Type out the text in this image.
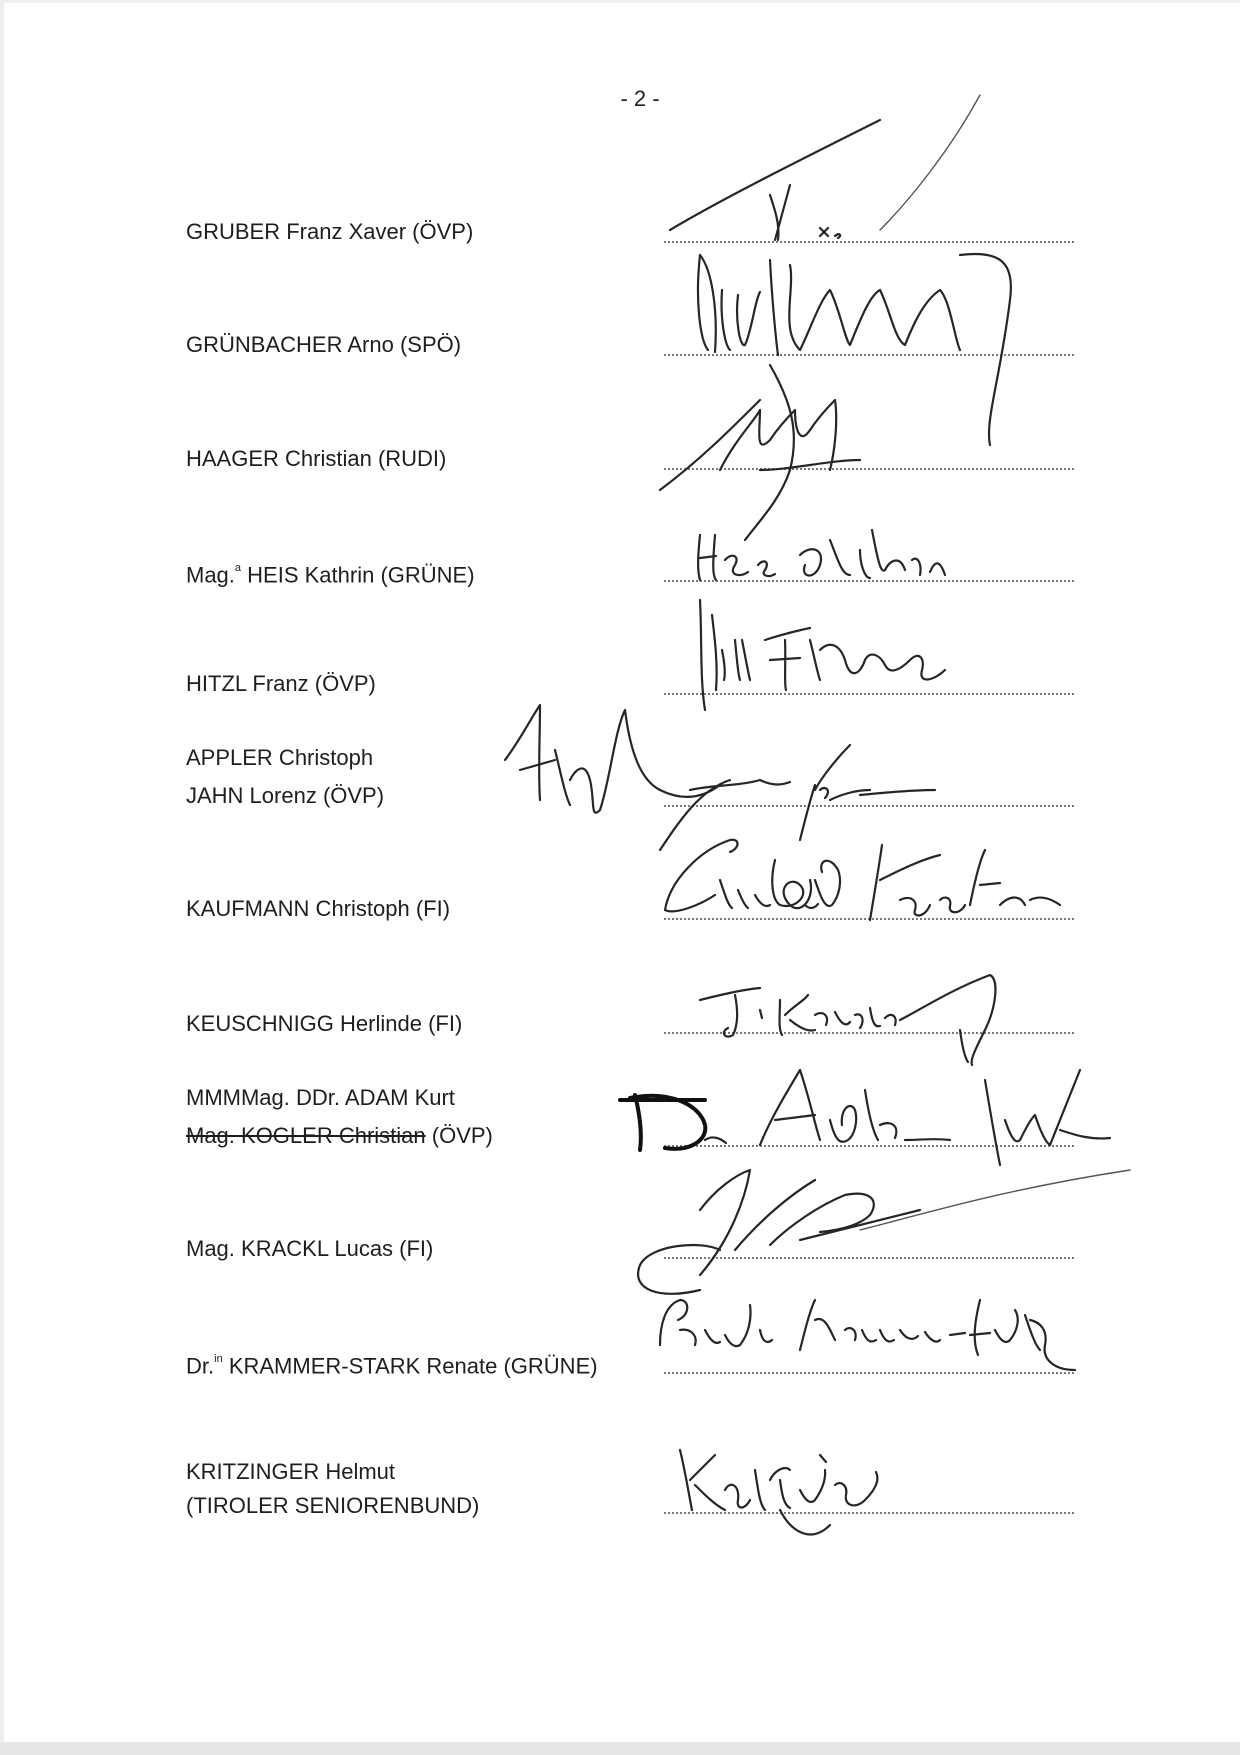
- 2 -
GRUBER Franz Xaver (ÖVP)
GRÜNBACHER Arno (SPÖ)
HAAGER Christian (RUDI)
Mag.$^a$ HEIS Kathrin (GRÜNE)
HITZL Franz (ÖVP)
APPLER Christoph
JAHN Lorenz (ÖVP)
KAUFMANN Christoph (FI)
KEUSCHNIGG Herlinde (FI)
MMMMag. DDr. ADAM Kurt
Mag. KOGLER Christian (ÖVP)
Mag. KRACKL Lucas (FI)
Dr.$^{in}$ KRAMMER-STARK Renate (GRÜNE)
KRITZINGER Helmut
(TIROLER SENIORENBUND)
